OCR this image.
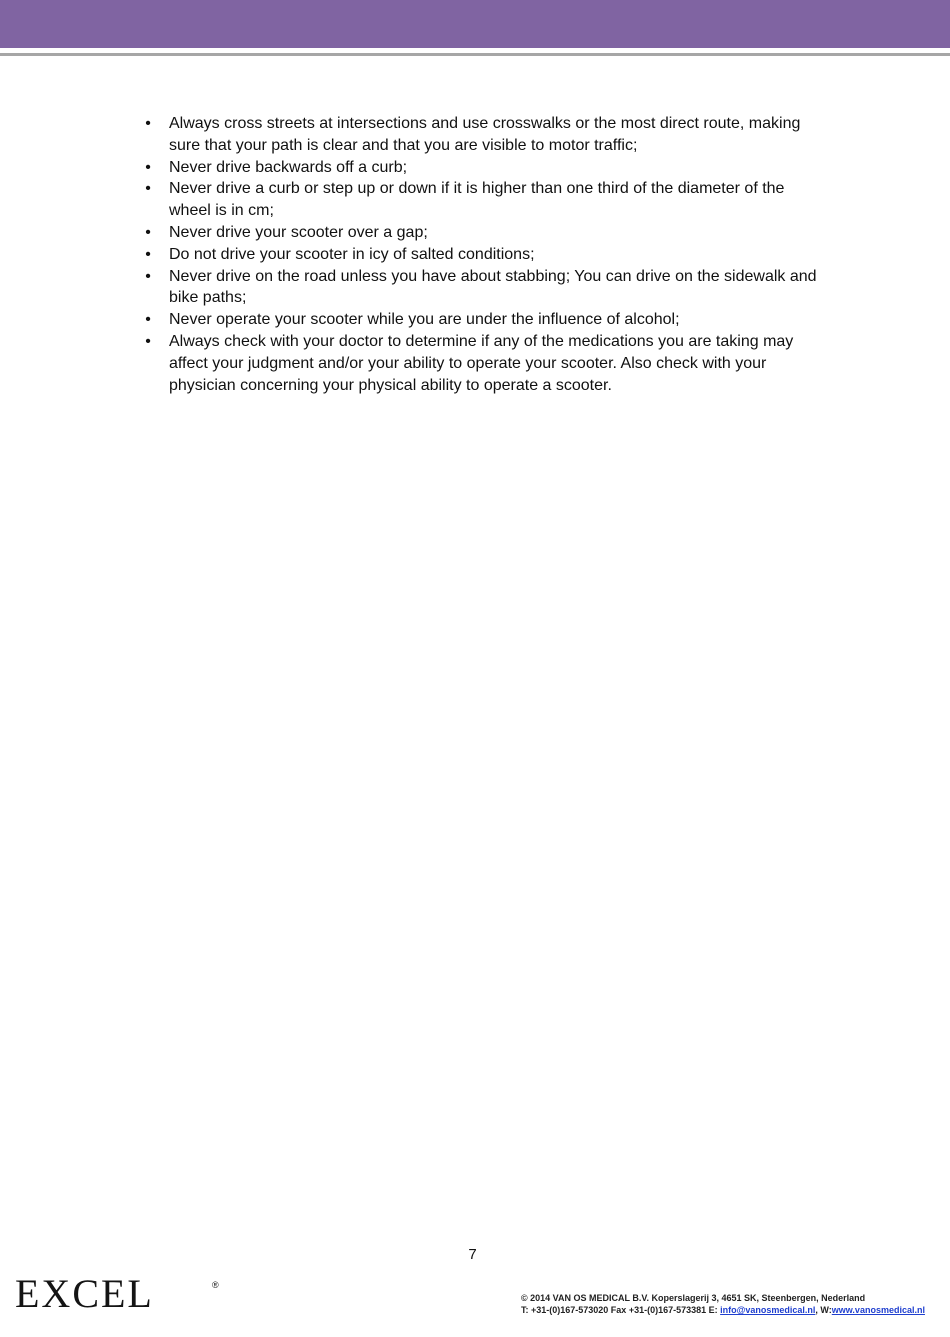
• Always cross streets at intersections and use crosswalks or the most direct route, making sure that your path is clear and that you are visible to motor traffic;
• Never drive backwards off a curb;
• Never drive a curb or step up or down if it is higher than one third of the diameter of the wheel is in cm;
• Never drive your scooter over a gap;
• Do not drive your scooter in icy of salted conditions;
• Never drive on the road unless you have about stabbing; You can drive on the sidewalk and bike paths;
• Never operate your scooter while you are under the influence of alcohol;
• Always check with your doctor to determine if any of the medications you are taking may affect your judgment and/or your ability to operate your scooter. Also check with your physician concerning your physical ability to operate a scooter.
7
EXCEL	®
© 2014 VAN OS MEDICAL B.V. Koperslagerij 3, 4651 SK, Steenbergen, Nederland
T: +31-(0)167-573020 Fax +31-(0)167-573381 E: info@vanosmedical.nl, W:www.vanosmedical.nl
